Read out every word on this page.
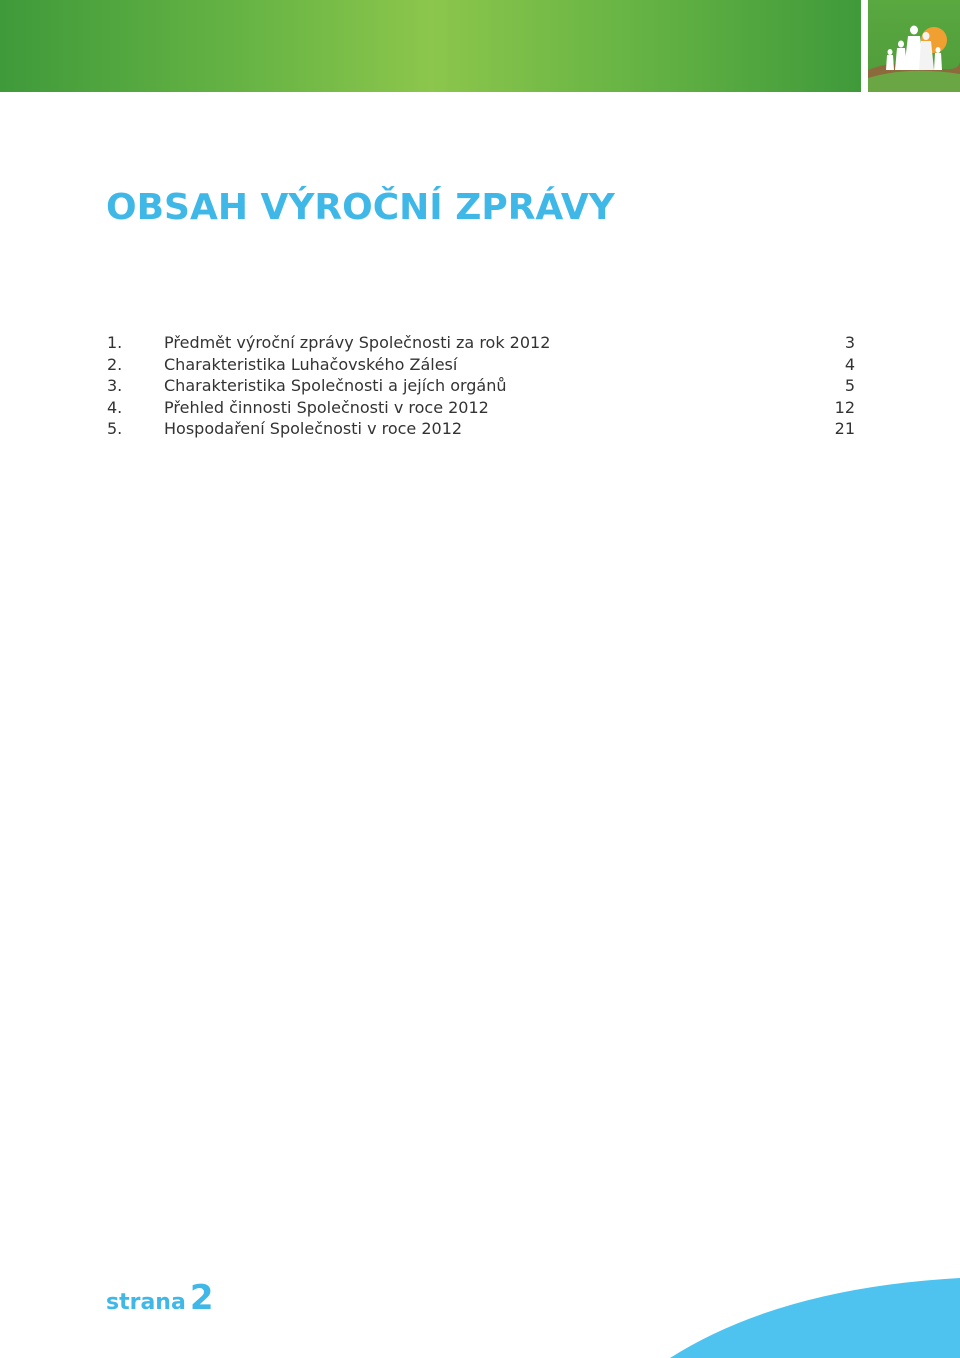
OBSAH VÝROČNÍ ZPRÁVY
1.	Předmět výroční zprávy Společnosti za rok 2012	3
2.	Charakteristika Luhačovského Zálesí	4
3.	Charakteristika Společnosti a jejích orgánů	5
4.	Přehled činnosti Společnosti v roce 2012	12
5.	Hospodaření Společnosti v roce 2012	21
strana 2
